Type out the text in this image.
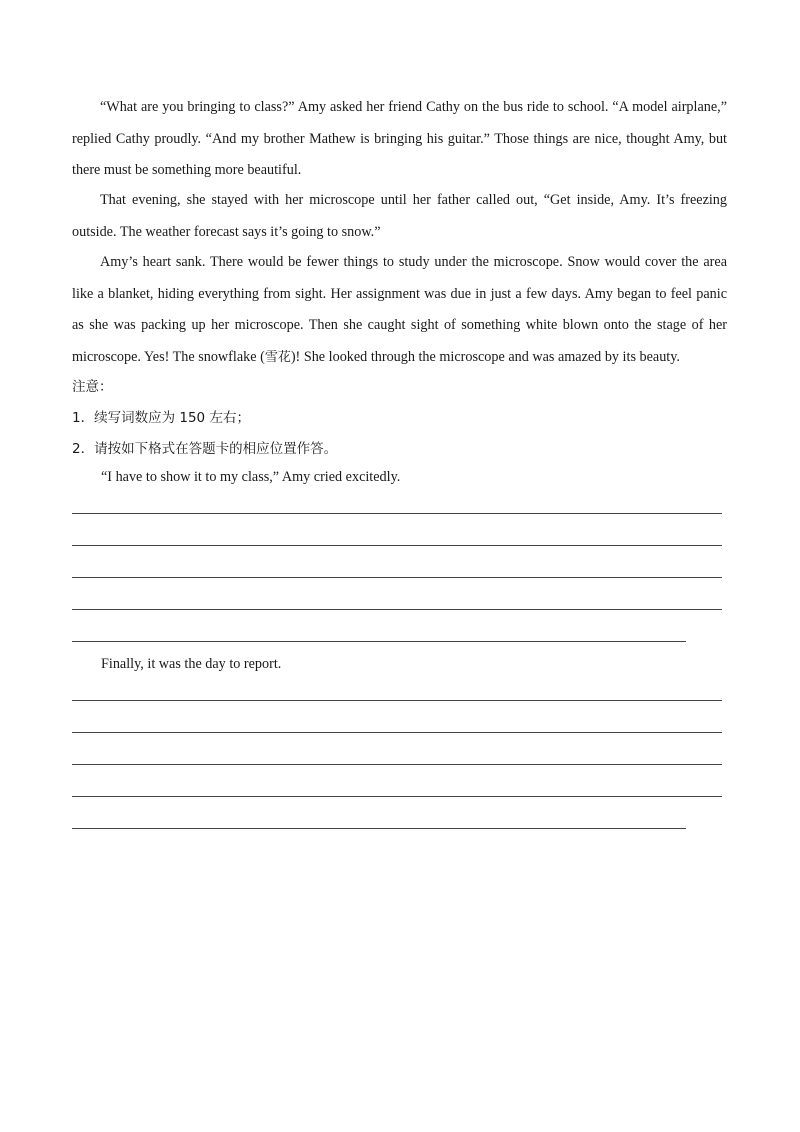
“What are you bringing to class?” Amy asked her friend Cathy on the bus ride to school. “A model airplane,” replied Cathy proudly. “And my brother Mathew is bringing his guitar.” Those things are nice, thought Amy, but there must be something more beautiful.

That evening, she stayed with her microscope until her father called out, “Get inside, Amy. It’s freezing outside. The weather forecast says it’s going to snow.”

Amy’s heart sank. There would be fewer things to study under the microscope. Snow would cover the area like a blanket, hiding everything from sight. Her assignment was due in just a few days. Amy began to feel panic as she was packing up her microscope. Then she caught sight of something white blown onto the stage of her microscope. Yes! The snowflake (雪花)! She looked through the microscope and was amazed by its beauty.

注意：

1．续写词数应为 150 左右；

2．请按如下格式在答题卡的相应位置作答。

“I have to show it to my class,” Amy cried excitedly.

Finally, it was the day to report.
